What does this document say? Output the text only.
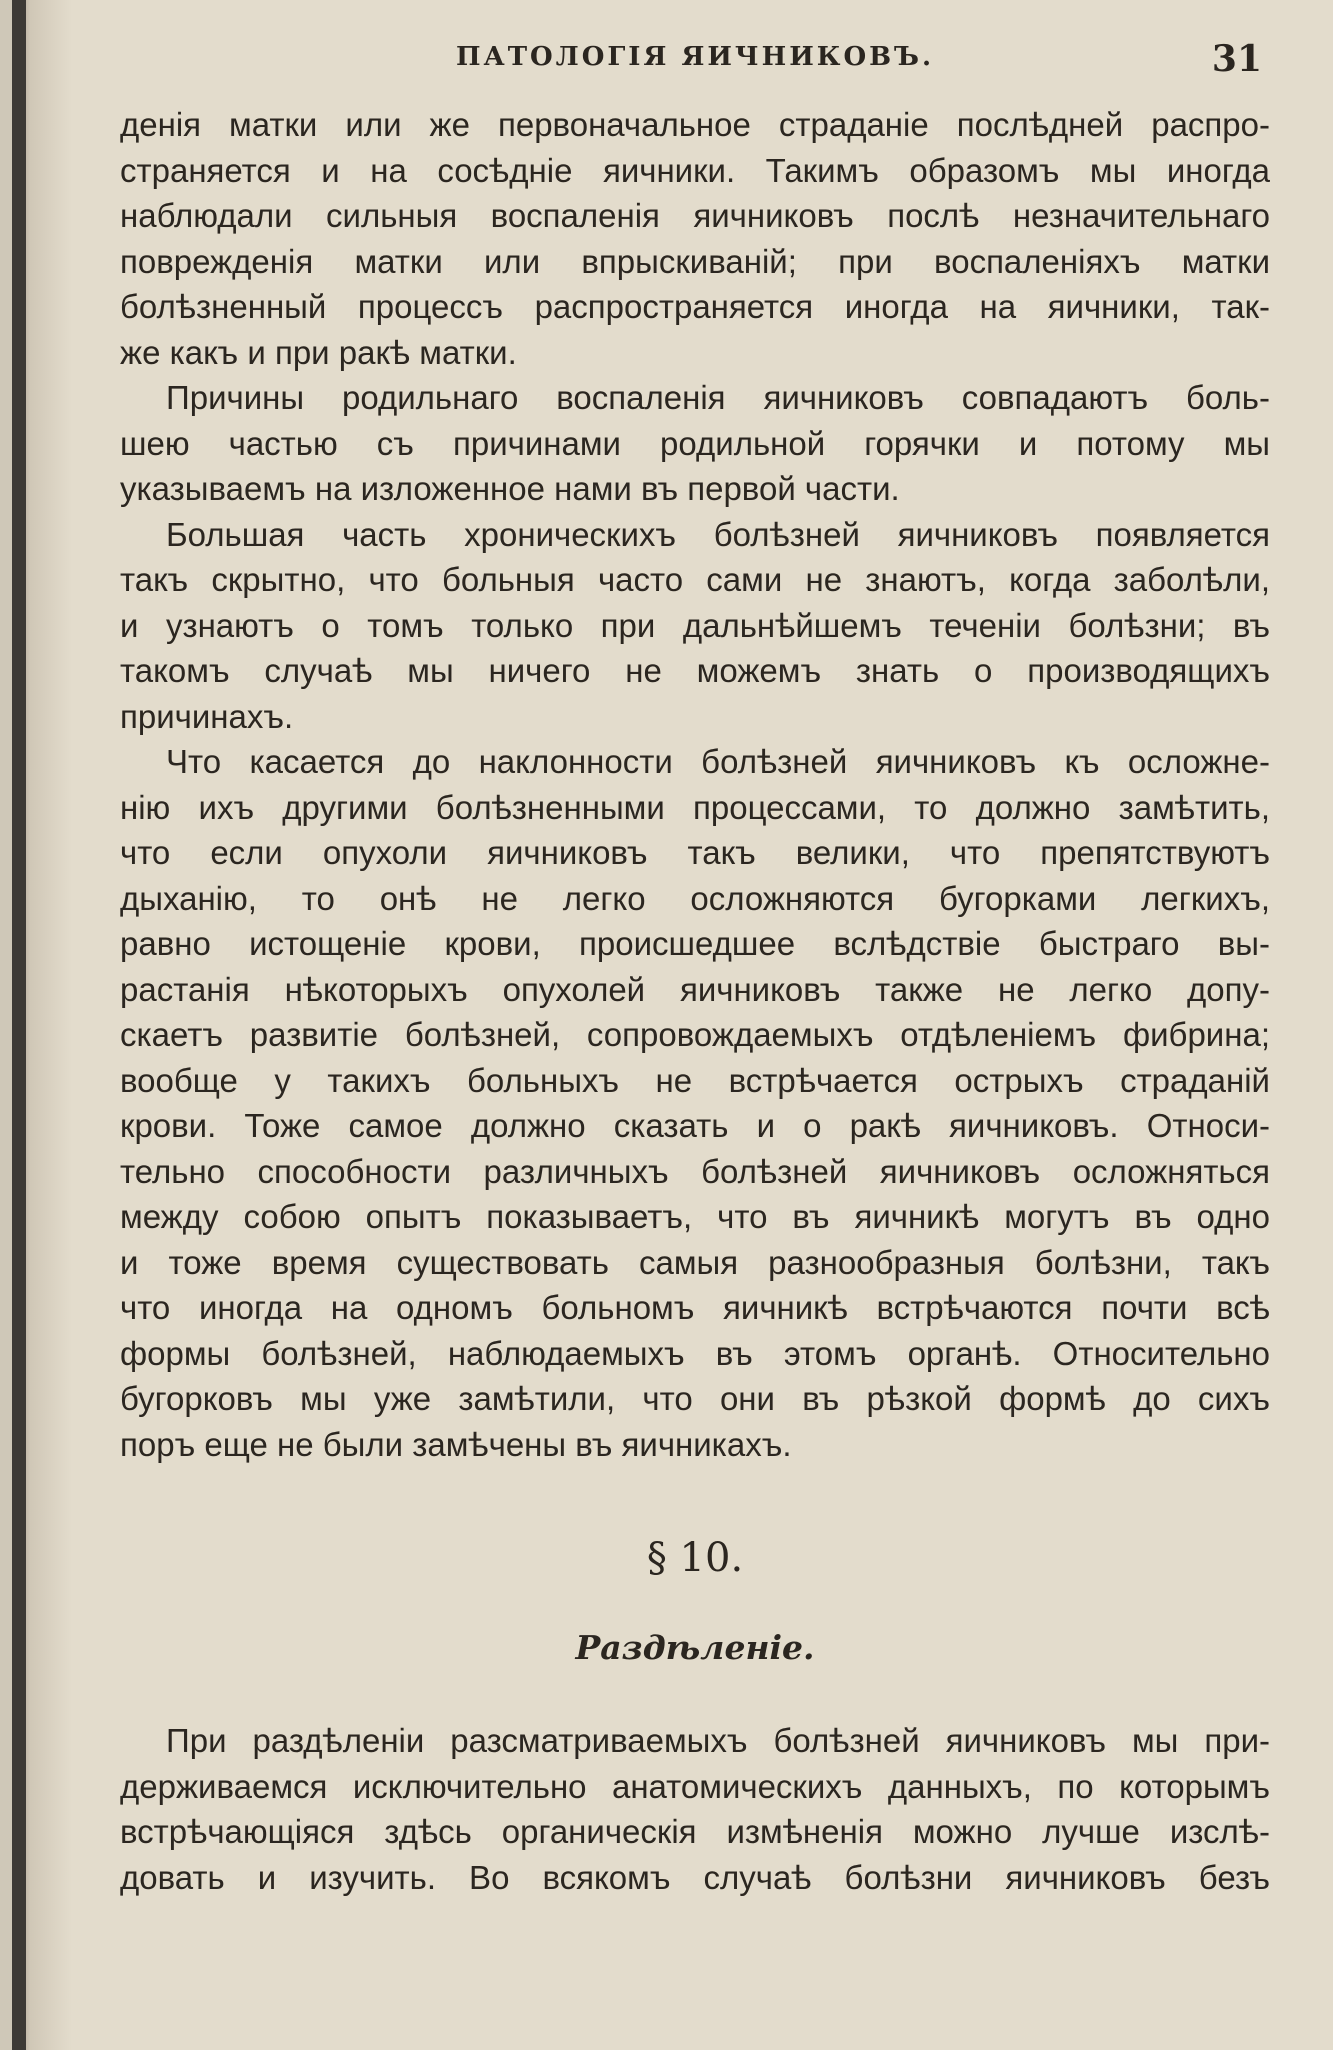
ПАТОЛОГІЯ ЯИЧНИКОВЪ.	31
денія матки или же первоначальное страданіе послѣдней распро-
страняется и на сосѣдніе яичники. Такимъ образомъ мы иногда
наблюдали сильныя воспаленія яичниковъ послѣ незначительнаго
поврежденія матки или впрыскиваній; при воспаленіяхъ матки
болѣзненный процессъ распространяется иногда на яичники, так-
же какъ и при ракѣ матки.
Причины родильнаго воспаленія яичниковъ совпадаютъ боль-
шею частью съ причинами родильной горячки и потому мы
указываемъ на изложенное нами въ первой части.
Большая часть хроническихъ болѣзней яичниковъ появляется
такъ скрытно, что больныя часто сами не знаютъ, когда заболѣли,
и узнаютъ о томъ только при дальнѣйшемъ теченіи болѣзни; въ
такомъ случаѣ мы ничего не можемъ знать о производящихъ
причинахъ.
Что касается до наклонности болѣзней яичниковъ къ осложне-
нію ихъ другими болѣзненными процессами, то должно замѣтить,
что если опухоли яичниковъ такъ велики, что препятствуютъ
дыханію, то онѣ не легко осложняются бугорками легкихъ,
равно истощеніе крови, происшедшее вслѣдствіе быстраго вы-
растанія нѣкоторыхъ опухолей яичниковъ также не легко допу-
скаетъ развитіе болѣзней, сопровождаемыхъ отдѣленіемъ фибрина;
вообще у такихъ больныхъ не встрѣчается острыхъ страданій
крови. Тоже самое должно сказать и о ракѣ яичниковъ. Относи-
тельно способности различныхъ болѣзней яичниковъ осложняться
между собою опытъ показываетъ, что въ яичникѣ могутъ въ одно
и тоже время существовать самыя разнообразныя болѣзни, такъ
что иногда на одномъ больномъ яичникѣ встрѣчаются почти всѣ
формы болѣзней, наблюдаемыхъ въ этомъ органѣ. Относительно
бугорковъ мы уже замѣтили, что они въ рѣзкой формѣ до сихъ
поръ еще не были замѣчены въ яичникахъ.
§ 10.
Раздѣленіе.
При раздѣленіи разсматриваемыхъ болѣзней яичниковъ мы при-
держиваемся исключительно анатомическихъ данныхъ, по которымъ
встрѣчающіяся здѣсь органическія измѣненія можно лучше изслѣ-
довать и изучить. Во всякомъ случаѣ болѣзни яичниковъ безъ
